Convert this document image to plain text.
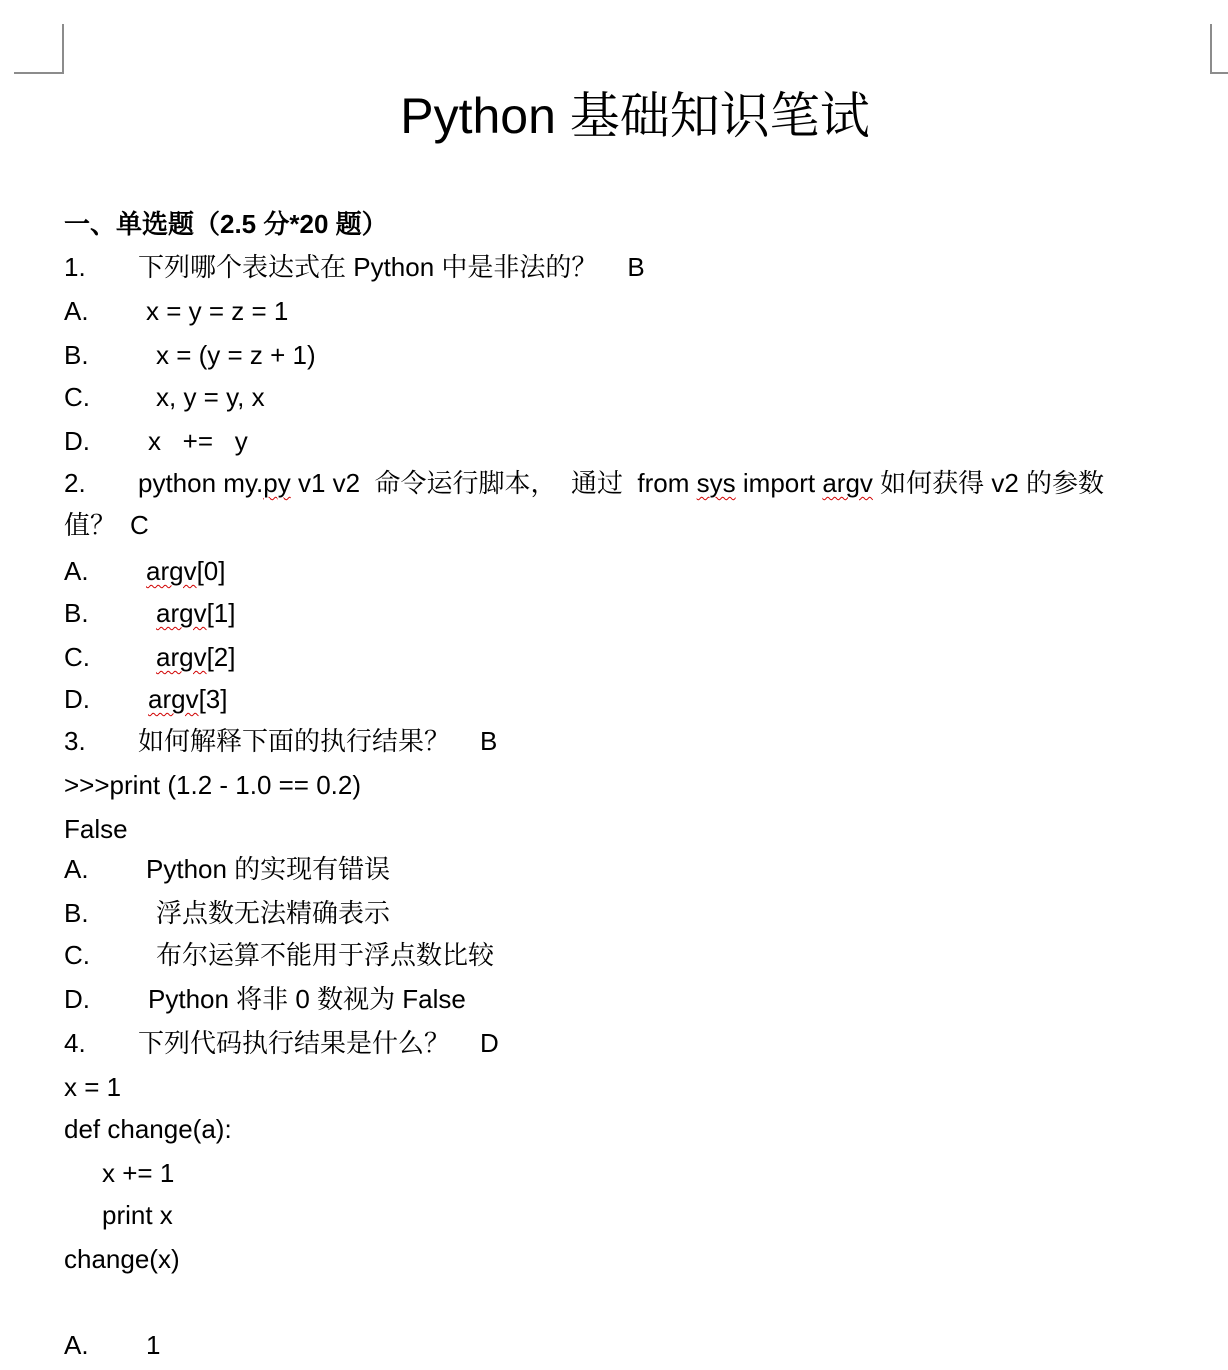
Python 基础知识笔试
一、单选题（2.5 分*20 题）
1. 下列哪个表达式在 Python 中是非法的？ B
A. x = y = z = 1
B.	x = (y = z + 1)
C.	x, y = y, x
D. x   +=   y
2. python my.py v1 v2  命令运行脚本，  通过  from sys import argv 如何获得 v2 的参数
值？ C
A. argv[0]
B.	argv[1]
C.	argv[2]
D. argv[3]
3. 如何解释下面的执行结果？ B
>>>print (1.2 - 1.0 == 0.2)
False
A. Python 的实现有错误
B.	浮点数无法精确表示
C.	布尔运算不能用于浮点数比较
D. Python 将非 0 数视为 False
4. 下列代码执行结果是什么？ D
x = 1
def change(a):
x += 1
print x
change(x)
A. 1
